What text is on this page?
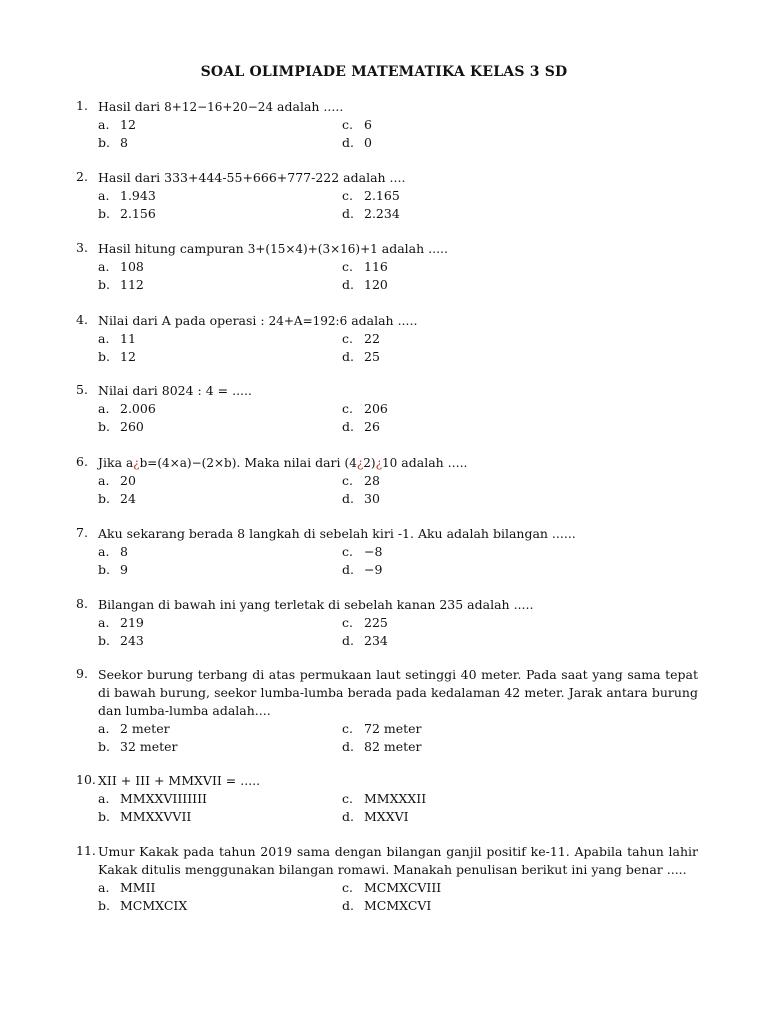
SOAL OLIMPIADE MATEMATIKA KELAS 3 SD
1. Hasil dari 8+12−16+20−24 adalah .....
a. 12	c. 6
b. 8	d. 0
2. Hasil dari 333+444-55+666+777-222 adalah ....
a. 1.943	c. 2.165
b. 2.156	d. 2.234
3. Hasil hitung campuran 3+(15×4)+(3×16)+1 adalah .....
a. 108	c. 116
b. 112	d. 120
4. Nilai dari A pada operasi : 24+A=192:6 adalah .....
a. 11	c. 22
b. 12	d. 25
5. Nilai dari 8024 : 4 = .....
a. 2.006	c. 206
b. 260	d. 26
6. Jika a¿b=(4×a)−(2×b). Maka nilai dari (4¿2)¿10 adalah .....
a. 20	c. 28
b. 24	d. 30
7. Aku sekarang berada 8 langkah di sebelah kiri -1. Aku adalah bilangan ......
a. 8	c. −8
b. 9	d. −9
8. Bilangan di bawah ini yang terletak di sebelah kanan 235 adalah .....
a. 219	c. 225
b. 243	d. 234
9. Seekor burung terbang di atas permukaan laut setinggi 40 meter. Pada saat yang sama tepat di bawah burung, seekor lumba-lumba berada pada kedalaman 42 meter. Jarak antara burung dan lumba-lumba adalah....
a. 2 meter	c. 72 meter
b. 32 meter	d. 82 meter
10. XII + III + MMXVII = .....
a. MMXXVIIIIIII	c. MMXXXII
b. MMXXVVII	d. MXXVI
11. Umur Kakak pada tahun 2019 sama dengan bilangan ganjil positif ke-11. Apabila tahun lahir Kakak ditulis menggunakan bilangan romawi. Manakah penulisan berikut ini yang benar .....
a. MMII	c. MCMXCVIII
b. MCMXCIX	d. MCMXCVI
